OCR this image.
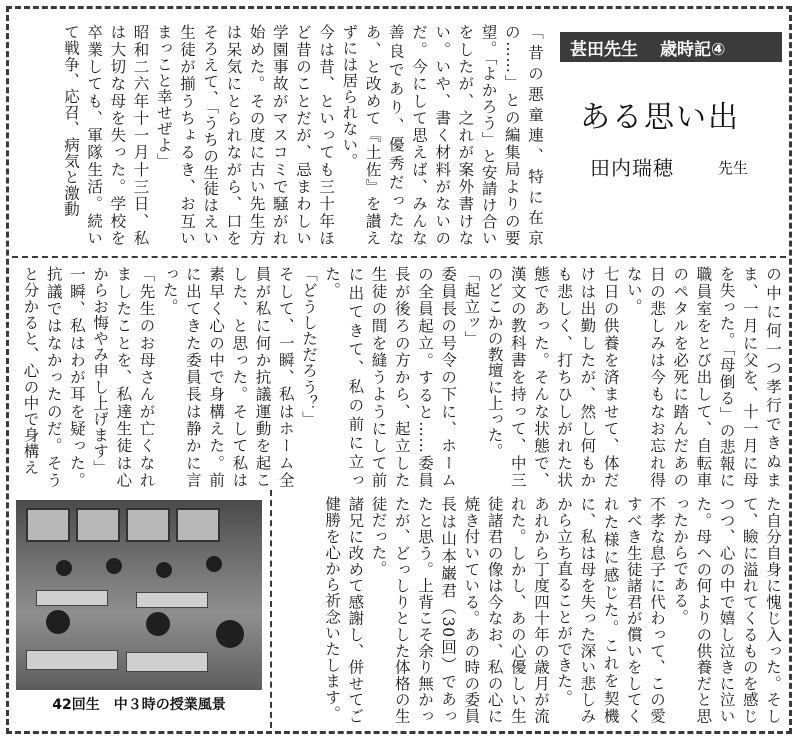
「昔の悪童連、特に在京の……」との編集局よりの要望。「よかろう」と安請け合いをしたが、之れが案外書けない。いや、書く材料がないのだ。今にして思えば、みんな善良であり、優秀だったなあ、と改めて『土佐』を讃えずには居られない。
今は昔、といっても三十年ほど昔のことだが、忌まわしい学園事故がマスコミで騒がれ始めた。その度に古い先生方は呆気にとられながら、口をそろえて、「うちの生徒はえい生徒が揃うちょるき、お互いまっこと幸せぜよ」
昭和二六年十一月十三日、私は大切な母を失った。学校を卒業しても、軍隊生活。続いて戦争、応召、病気と激動	甚田先生 歳時記④
ある思い出
田内瑞穂	先生
の中に何一つ孝行できぬまま、一月に父を、十一月に母を失った。「母倒る」の悲報に職員室をとび出して、自転車のペタルを必死に踏んだあの日の悲しみは今もなお忘れ得ない。
七日の供養を済ませて、体だけは出勤したが、然し何もかも悲しく、打ちひしがれた状態であった。そんな状態で、漢文の教科書を持って、中三のどこかの教壇に上った。
「起立ッ」
委員長の号令の下に、ホームの全員起立。すると……委員長が後ろの方から、起立した生徒の間を縫うようにして前に出てきて、私の前に立った。
「どうしただろう？」
そして、一瞬、私はホーム全員が私に何か抗議運動を起こした、と思った。そして私は素早く心の中で身構えた。前に出てきた委員長は静かに言った。
「先生のお母さんが亡くなれましたことを、私達生徒は心からお悔やみ申し上げます」
一瞬、私はわが耳を疑った。抗議ではなかったのだ。そうと分かると、心の中で身構え
た自分自身に愧じ入った。そして、瞼に溢れてくるものを感じつつ、心の中で嬉し泣きに泣いた。母への何よりの供養だと思ったからである。
不孝な息子に代わって、この愛すべき生徒諸君が償いをしてくれた様に感じた。これを契機に、私は母を失った深い悲しみから立ち直ることができた。
あれから丁度四十年の歳月が流れた。しかし、あの心優しい生徒諸君の像は今なお、私の心に焼き付いている。あの時の委員長は山本巌君（30回）であったと思う。上背こそ余り無かったが、どっしりとした体格の生徒だった。
諸兄に改めて感謝し、併せてご健勝を心から祈念いたします。
42回生　中３時の授業風景
